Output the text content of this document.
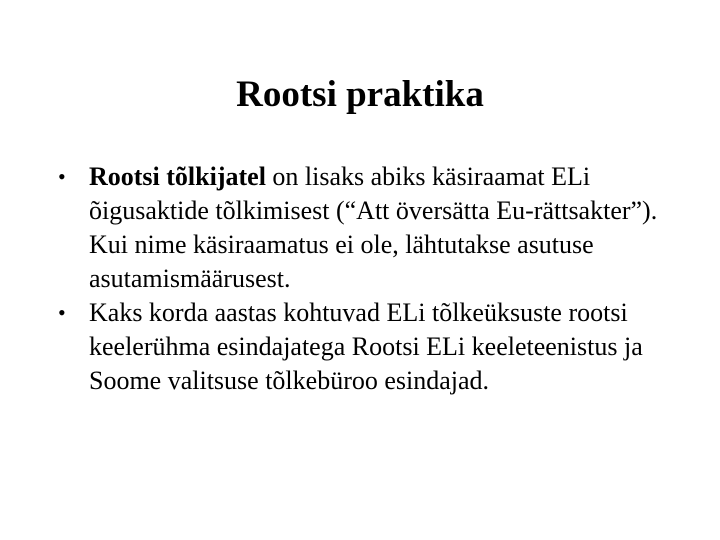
Rootsi praktika
• Rootsi tõlkijatel on lisaks abiks käsiraamat ELi õigusaktide tõlkimisest (“Att översätta Eu-rättsakter”). Kui nime käsiraamatus ei ole, lähtutakse asutuse asutamismäärusest.
• Kaks korda aastas kohtuvad ELi tõlkeüksuste rootsi keelerühma esindajatega Rootsi ELi keeleteenistus ja Soome valitsuse tõlkebüroo esindajad.
